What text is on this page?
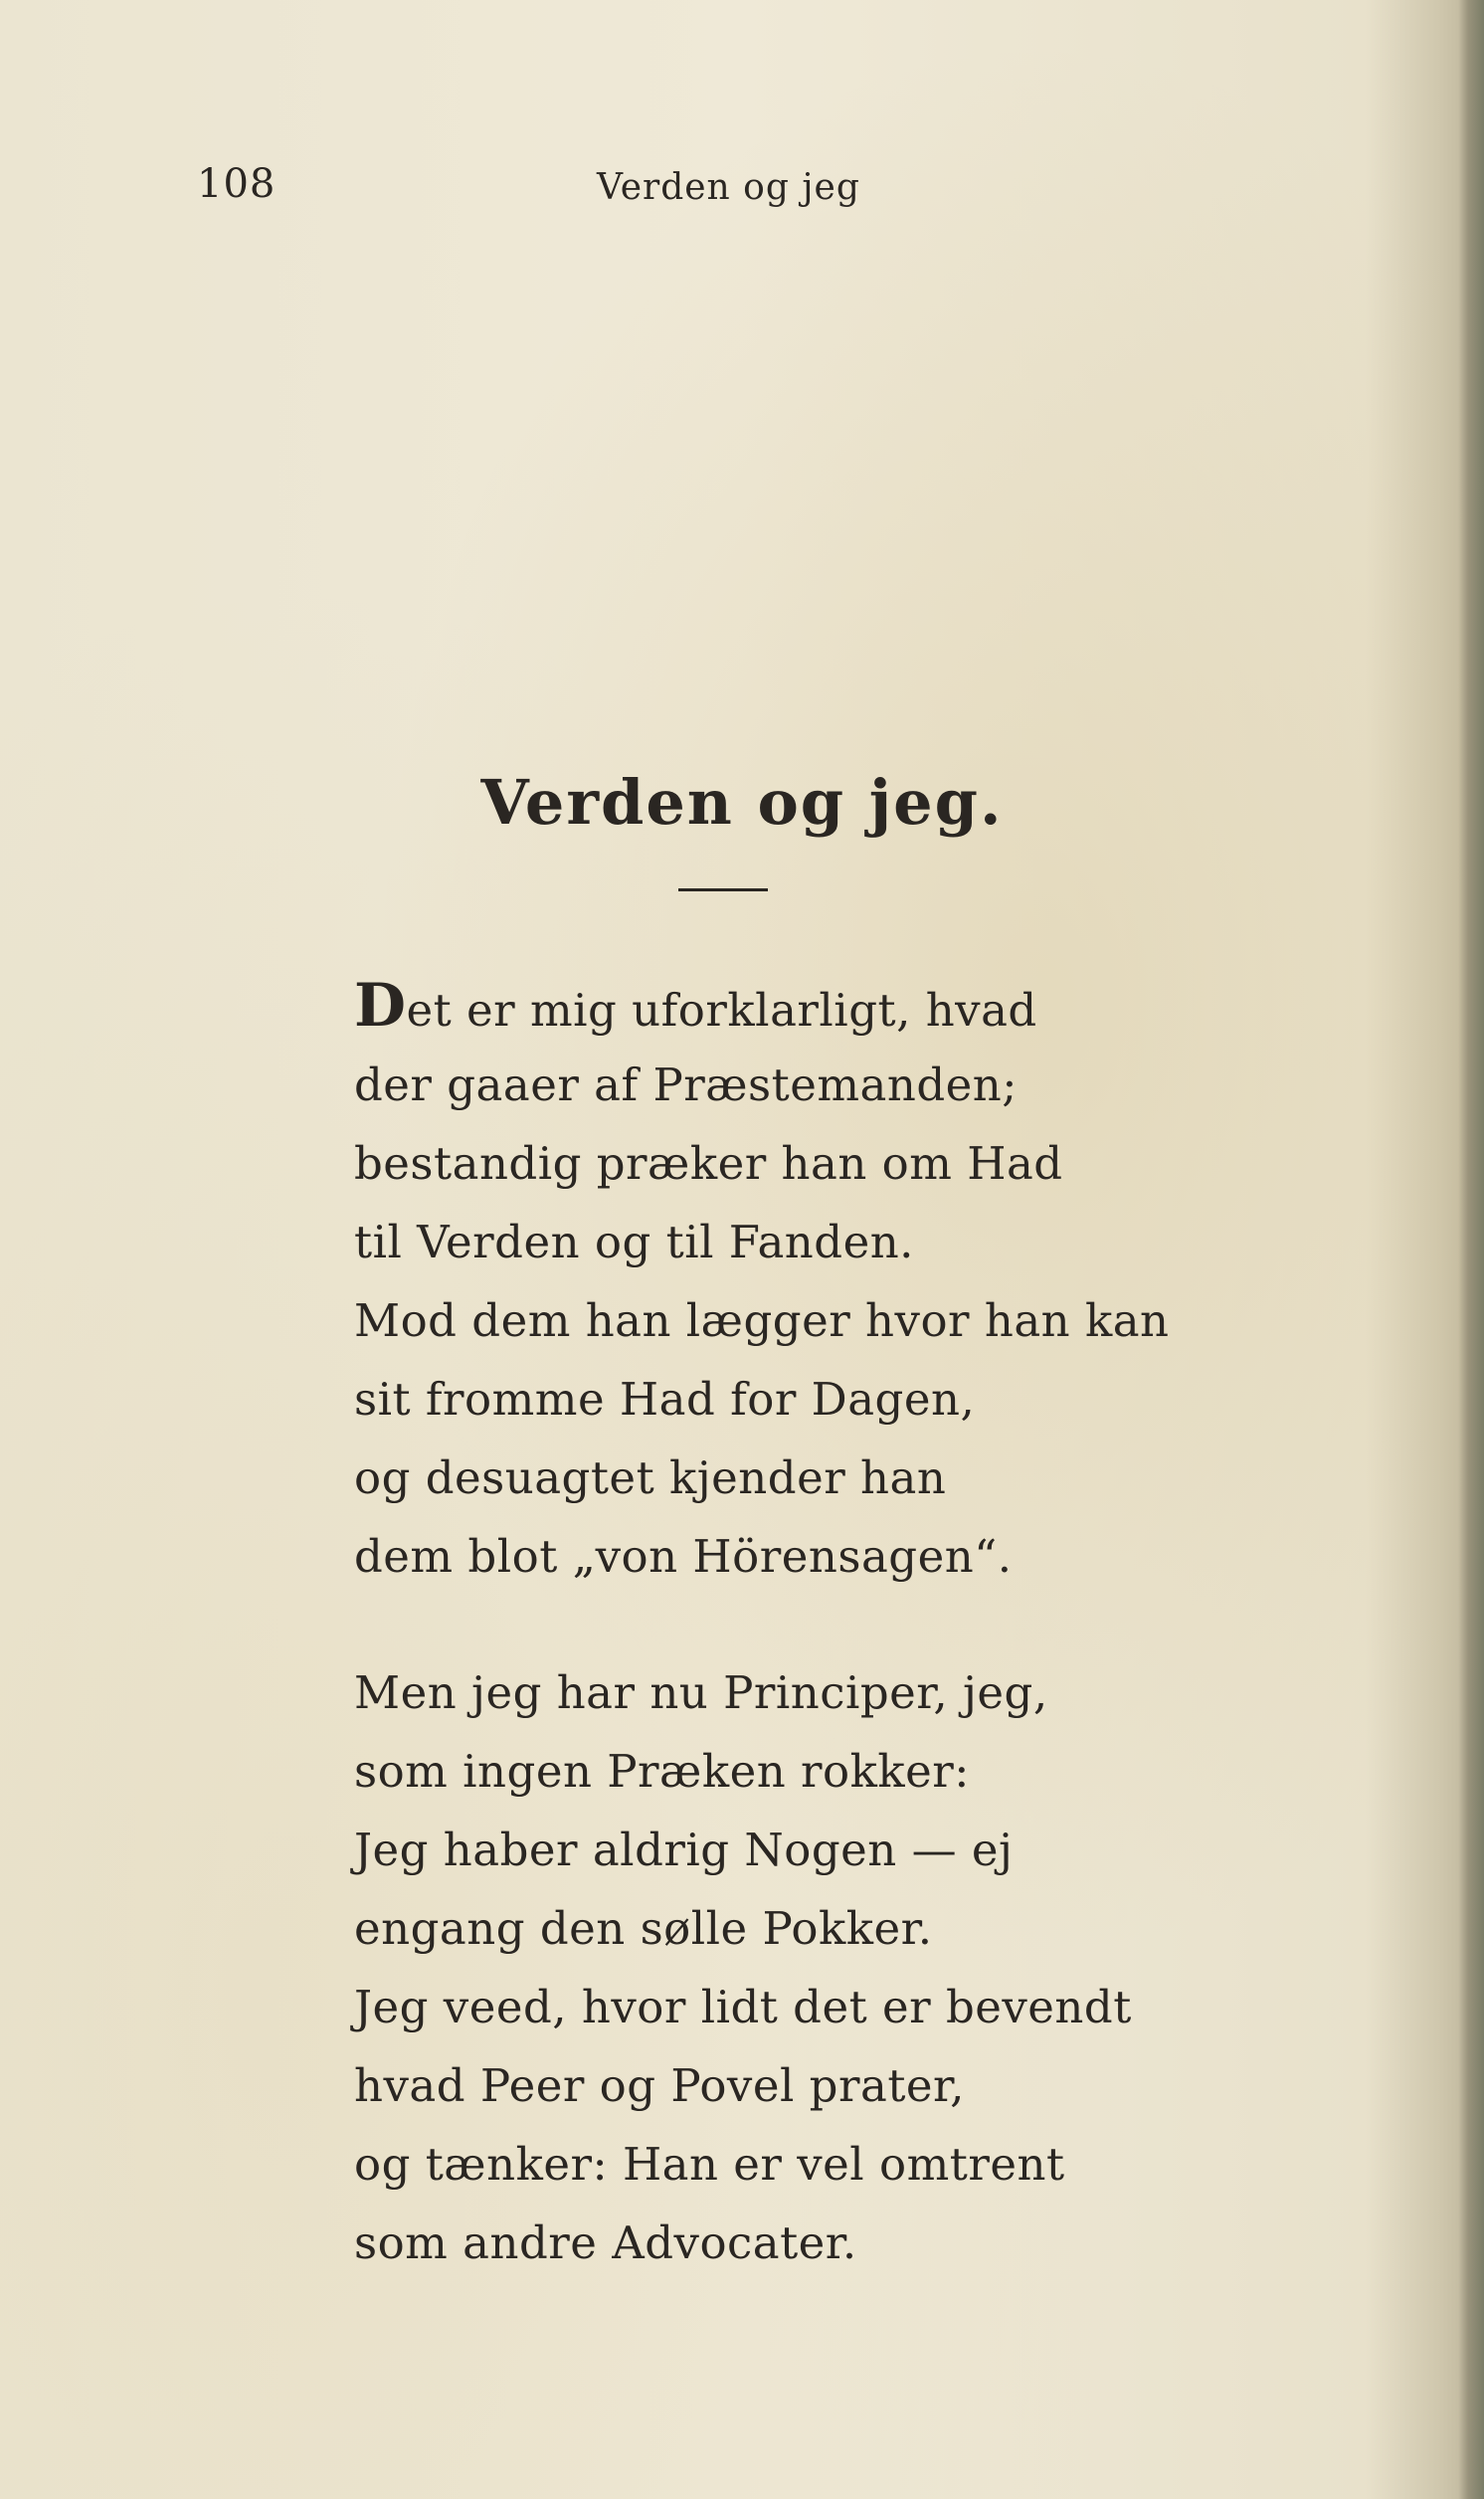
108	Verden og jeg
Verden og jeg.
Det er mig uforklarligt, hvad
der gaaer af Præstemanden;
bestandig præker han om Had
til Verden og til Fanden.
Mod dem han lægger hvor han kan
sit fromme Had for Dagen,
og desuagtet kjender han
dem blot „von Hörensagen“.
Men jeg har nu Principer, jeg,
som ingen Præken rokker:
Jeg haber aldrig Nogen — ej
engang den sølle Pokker.
Jeg veed, hvor lidt det er bevendt
hvad Peer og Povel prater,
og tænker: Han er vel omtrent
som andre Advocater.
